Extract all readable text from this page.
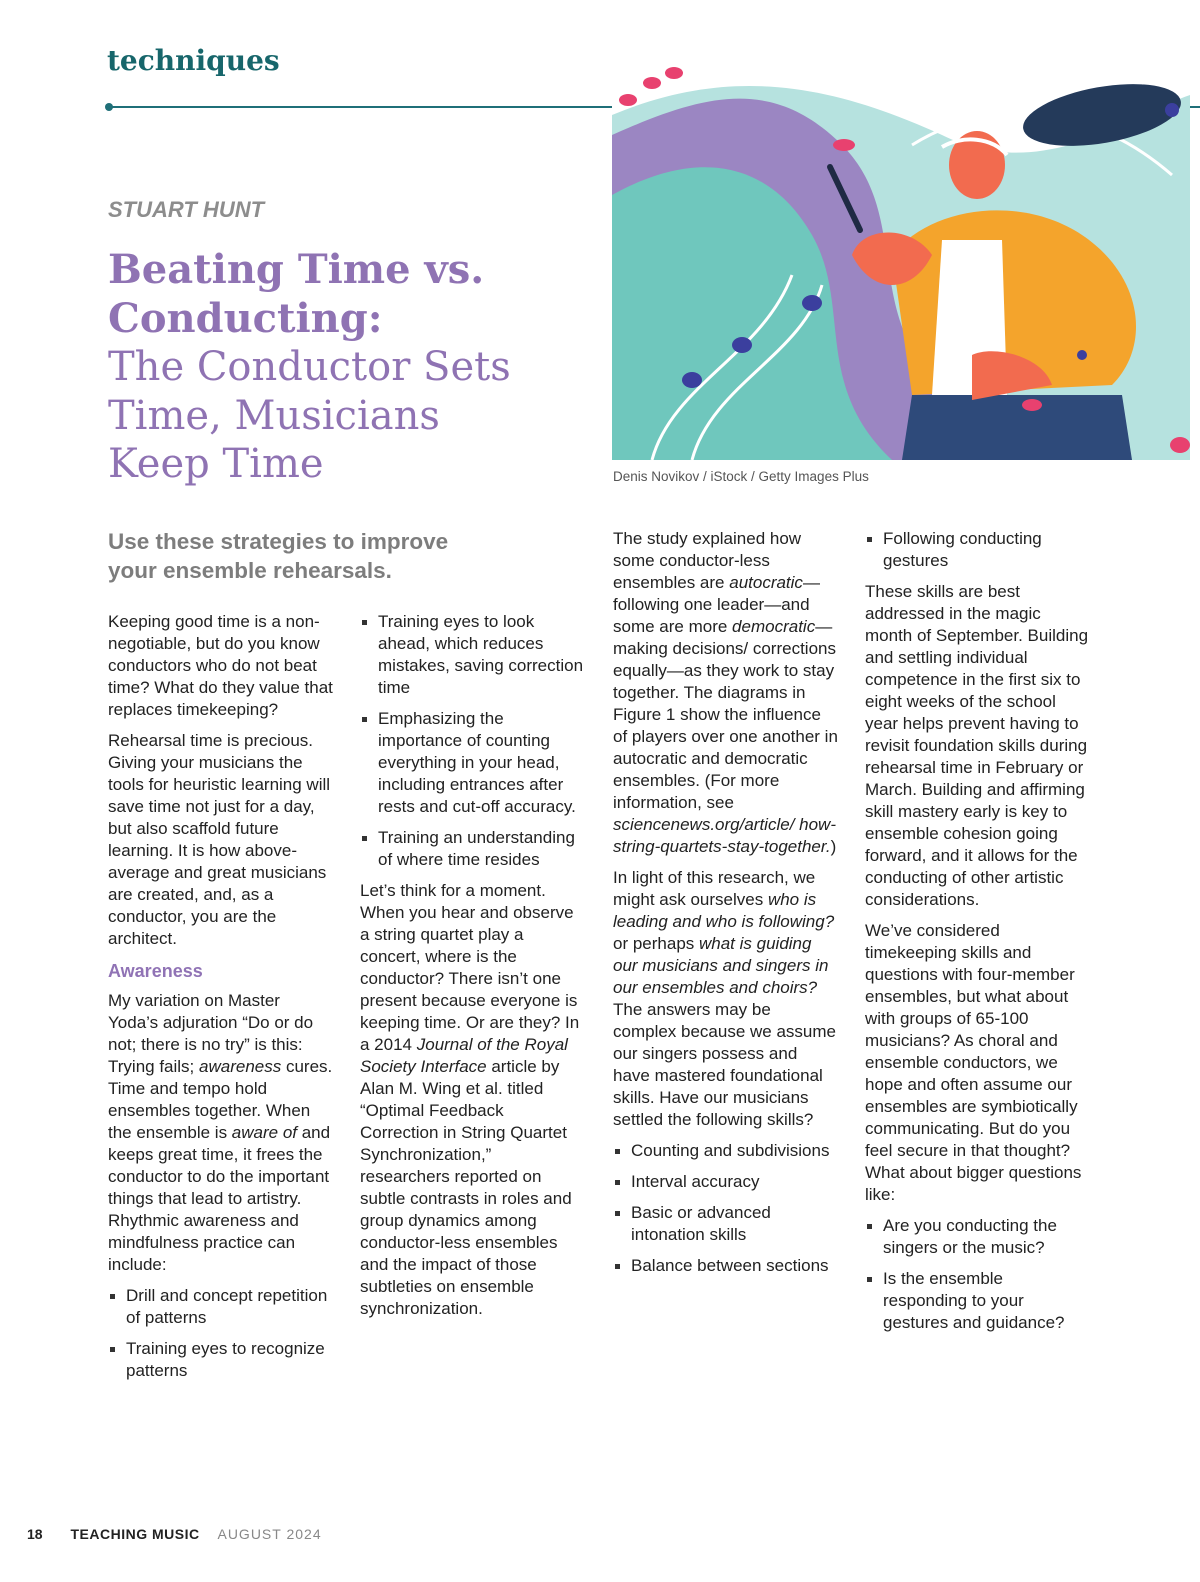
techniques
Denis Novikov / iStock / Getty Images Plus
STUART HUNT
Beating Time vs.
Conducting:
The Conductor Sets
Time, Musicians
Keep Time
Use these strategies to improve
your ensemble rehearsals.

Keeping good time is a non-negotiable, but do you know conductors who do not beat time? What do they value that replaces timekeeping?

Rehearsal time is precious. Giving your musicians the tools for heuristic learning will save time not just for a day, but also scaffold future learning. It is how above-average and great musicians are created, and, as a conductor, you are the architect.

Awareness

My variation on Master Yoda’s adjuration “Do or do not; there is no try” is this: Trying fails; awareness cures. Time and tempo hold ensembles together. When the ensemble is aware of and keeps great time, it frees the conductor to do the important things that lead to artistry. Rhythmic awareness and mindfulness practice can include:

Drill and concept repetition of patterns
Training eyes to recognize patterns
Training eyes to look ahead, which reduces mistakes, saving correction time
Emphasizing the importance of counting everything in your head, including entrances after rests and cut-off accuracy.
Training an understanding of where time resides

Let’s think for a moment. When you hear and observe a string quartet play a concert, where is the conductor? There isn’t one present because everyone is keeping time. Or are they? In a 2014 Journal of the Royal Society Interface article by Alan M. Wing et al. titled “Optimal Feedback Correction in String Quartet Synchronization,” researchers reported on subtle contrasts in roles and group dynamics among conductor-less ensembles and the impact of those subtleties on ensemble synchronization.

The study explained how some conductor-less ensembles are autocratic—following one leader—and some are more democratic—making decisions/ corrections equally—as they work to stay together. The diagrams in Figure 1 show the influence of players over one another in autocratic and democratic ensembles. (For more information, see sciencenews.org/article/ how-string-quartets-stay-together.)

In light of this research, we might ask ourselves who is leading and who is following? or perhaps what is guiding our musicians and singers in our ensembles and choirs? The answers may be complex because we assume our singers possess and have mastered foundational skills. Have our musicians settled the following skills?

Counting and subdivisions
Interval accuracy
Basic or advanced intonation skills
Balance between sections
Following conducting gestures

These skills are best addressed in the magic month of September. Building and settling individual competence in the first six to eight weeks of the school year helps prevent having to revisit foundation skills during rehearsal time in February or March. Building and affirming skill mastery early is key to ensemble cohesion going forward, and it allows for the conducting of other artistic considerations.

We’ve considered timekeeping skills and questions with four-member ensembles, but what about with groups of 65-100 musicians? As choral and ensemble conductors, we hope and often assume our ensembles are symbiotically communicating. But do you feel secure in that thought? What about bigger questions like:

Are you conducting the singers or the music?
Is the ensemble responding to your gestures and guidance?
18 TEACHING MUSIC AUGUST 2024
